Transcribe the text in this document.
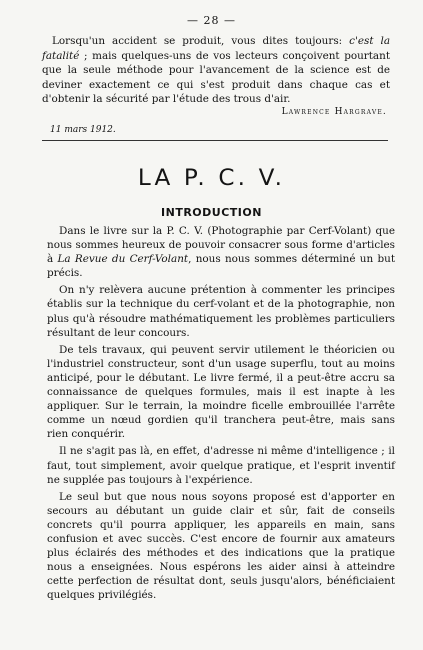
— 28 —

Lorsqu'un accident se produit, vous dites toujours: c'est la fatalité ; mais quelques-uns de vos lecteurs conçoivent pourtant que la seule méthode pour l'avancement de la science est de deviner exactement ce qui s'est produit dans chaque cas et d'obtenir la sécurité par l'étude des trous d'air.

Lawrence Hargrave.
11 mars 1912.
LA P. C. V.
INTRODUCTION

Dans le livre sur la P. C. V. (Photographie par Cerf-Volant) que nous sommes heureux de pouvoir consacrer sous forme d'articles à La Revue du Cerf-Volant, nous nous sommes déterminé un but précis.

On n'y relèvera aucune prétention à commenter les principes établis sur la technique du cerf-volant et de la photographie, non plus qu'à résoudre mathématiquement les problèmes particuliers résultant de leur concours.

De tels travaux, qui peuvent servir utilement le théoricien ou l'industriel constructeur, sont d'un usage superflu, tout au moins anticipé, pour le débutant. Le livre fermé, il a peut-être accru sa connaissance de quelques formules, mais il est inapte à les appliquer. Sur le terrain, la moindre ficelle embrouillée l'arrête comme un nœud gordien qu'il tranchera peut-être, mais sans rien conquérir.

Il ne s'agit pas là, en effet, d'adresse ni même d'intelligence ; il faut, tout simplement, avoir quelque pratique, et l'esprit inventif ne supplée pas toujours à l'expérience.

Le seul but que nous nous soyons proposé est d'apporter en secours au débutant un guide clair et sûr, fait de conseils concrets qu'il pourra appliquer, les appareils en main, sans confusion et avec succès. C'est encore de fournir aux amateurs plus éclairés des méthodes et des indications que la pratique nous a enseignées. Nous espérons les aider ainsi à atteindre cette perfection de résultat dont, seuls jusqu'alors, bénéficiaient quelques privilégiés.
